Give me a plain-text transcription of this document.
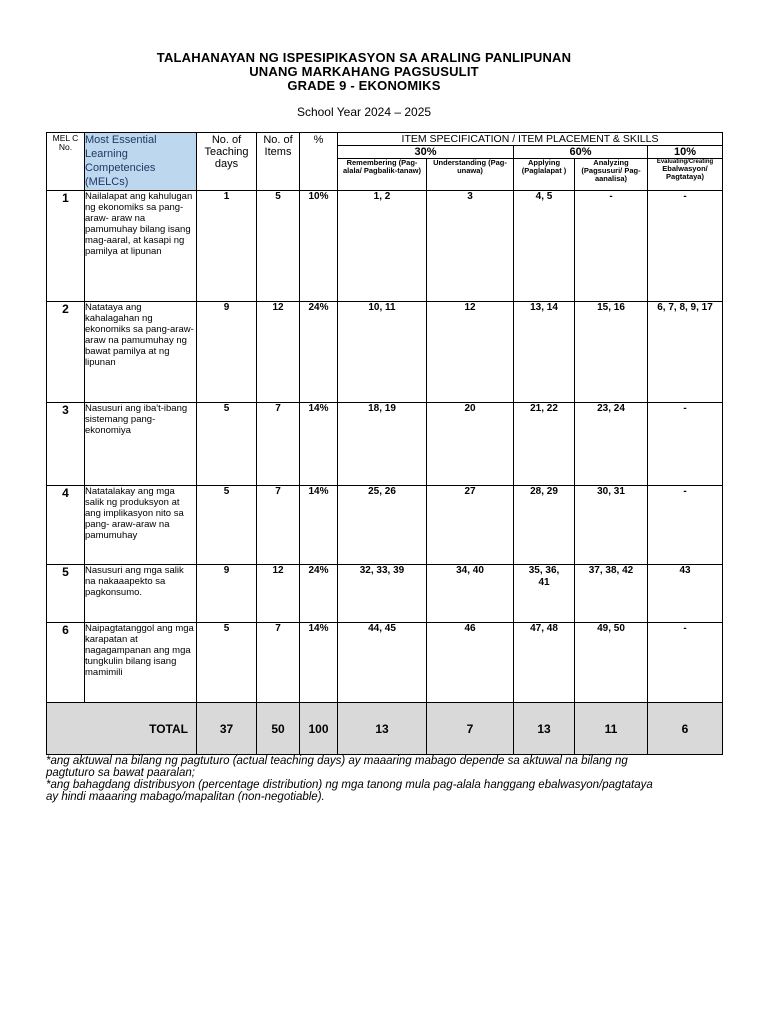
TALAHANAYAN NG ISPESIPIKASYON SA ARALING PANLIPUNAN
UNANG MARKAHANG PAGSUSULIT
GRADE 9 - EKONOMIKS
School Year 2024 – 2025
MEL C No.	Most Essential Learning Competencies (MELCs)	No. of Teaching days	No. of Items	%	ITEM SPECIFICATION / ITEM PLACEMENT & SKILLS				
					30%		60%		10%
					Remembering (Pag-alala/ Pagbalik-tanaw)	Understanding (Pag-unawa)	Applying (Paglalapat )	Analyzing (Pagsusuri/ Pag-aanalisa)	Evaluating/Creating
Ebalwasyon/ Pagtataya)

1	Nailalapat ang kahulugan ng ekonomiks sa pang-araw- araw na pamumuhay bilang isang mag-aaral, at kasapi ng pamilya at lipunan	1	5	10%	1, 2	3	4, 5	-	-
2	Natataya ang kahalagahan ng ekonomiks sa pang-araw- araw na pamumuhay ng bawat pamilya at ng lipunan	9	12	24%	10, 11	12	13, 14	15, 16	6, 7, 8, 9, 17
3	Nasusuri ang iba't-ibang sistemang pang-ekonomiya	5	7	14%	18, 19	20	21, 22	23, 24	-
4	Natatalakay ang mga salik ng produksyon at ang implikasyon nito sa pang- araw-araw na pamumuhay	5	7	14%	25, 26	27	28, 29	30, 31	-
5	Nasusuri ang mga salik na nakaaapekto sa pagkonsumo.	9	12	24%	32, 33, 39	34, 40	35, 36, 41	37, 38, 42	43
6	Naipagtatanggol ang mga karapatan at nagagampanan ang mga tungkulin bilang isang mamimili	5	7	14%	44, 45	46	47, 48	49, 50	-
TOTAL		37	50	100	13	7	13	11	6
*ang aktuwal na bilang ng pagtuturo (actual teaching days) ay maaaring mabago depende sa aktuwal na bilang ng
pagtuturo sa bawat paaralan;
*ang bahagdang distribusyon (percentage distribution) ng mga tanong mula pag-alala hanggang ebalwasyon/pagtataya
ay hindi maaaring mabago/mapalitan (non-negotiable).
